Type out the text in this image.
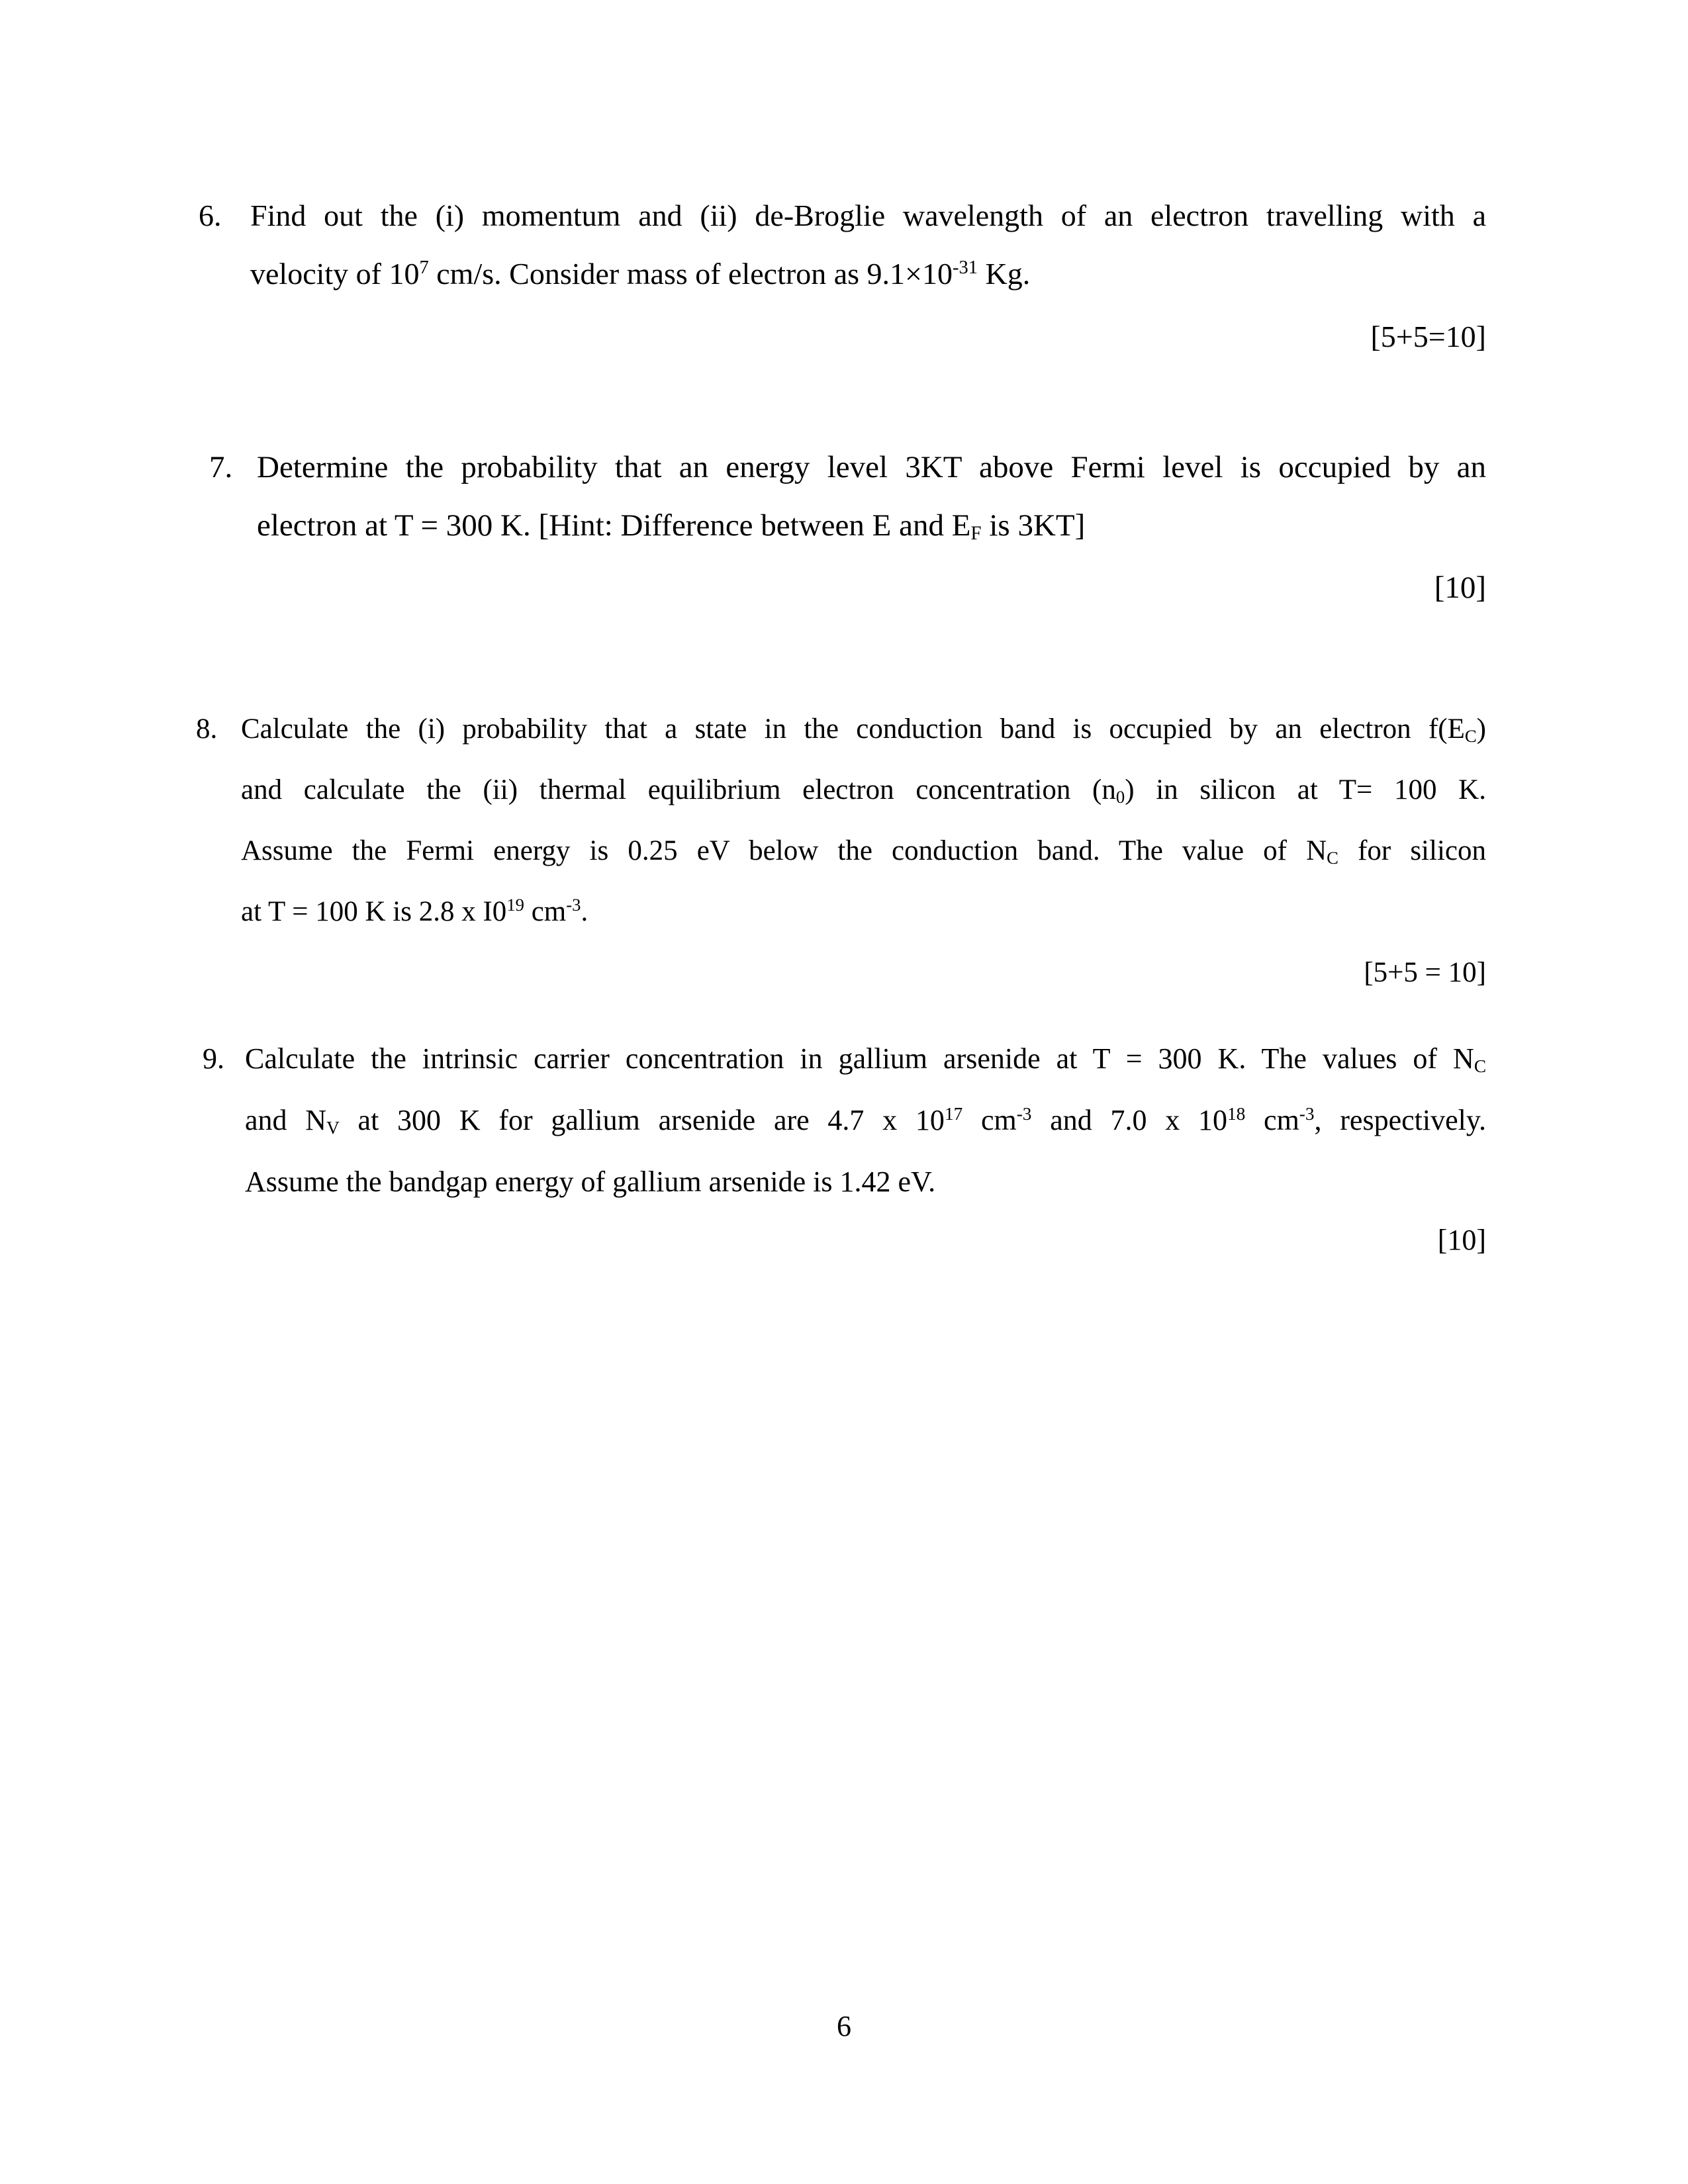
6. Find out the (i) momentum and (ii) de-Broglie wavelength of an electron travelling with a
velocity of $10^7$ cm/s. Consider mass of electron as $9.1\times 10^{-31}$ Kg.
[5+5=10]
7. Determine the probability that an energy level 3KT above Fermi level is occupied by an
electron at T = 300 K. [Hint: Difference between E and EF is 3KT]
[10]
8. Calculate the (i) probability that a state in the conduction band is occupied by an electron f(EC)
and calculate the (ii) thermal equilibrium electron concentration (n0) in silicon at T= 100 K.
Assume the Fermi energy is 0.25 eV below the conduction band. The value of NC for silicon
at T = 100 K is 2.8 x $I0^{19}$ $cm^{-3}$.
[5+5 = 10]
9. Calculate the intrinsic carrier concentration in gallium arsenide at T = 300 K. The values of NC
and NV at 300 K for gallium arsenide are 4.7 x $10^{17}$ $cm^{-3}$ and 7.0 x $10^{18}$ $cm^{-3}$, respectively.
Assume the bandgap energy of gallium arsenide is 1.42 eV.
[10]
6
